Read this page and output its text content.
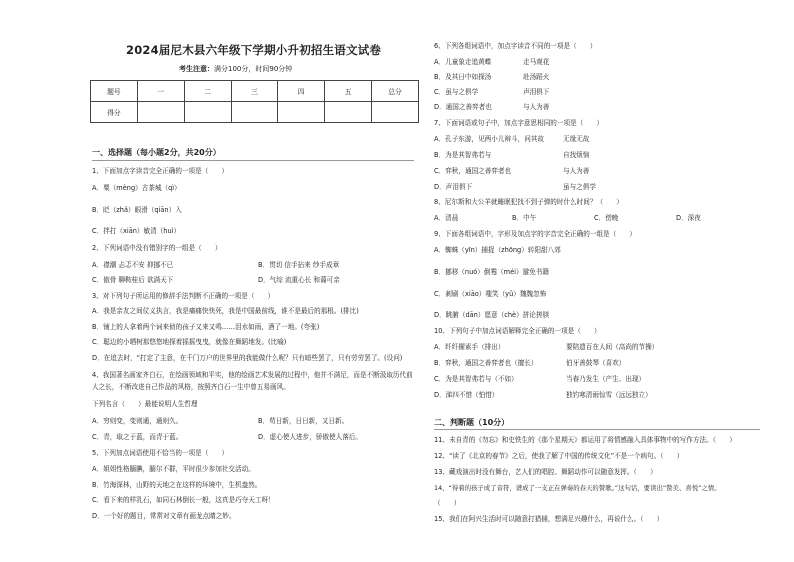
2024届尼木县六年级下学期小升初招生语文试卷
考生注意：满分100分，时间90分钟
题号	一	二	三	四	五	总分
得分						
一、选择题（每小题2分，共20分）
1、下面加点字读音完全正确的一项是（　　）
A．粟（mèng）古茶城（qì）
B．眨（zhǎ）眼滑（qiān）入
C．拌打（xiān）敏清（huì）
2、下列词语中没有错别字的一组是（　　）
A．襟潮 忐忑不安 抑挪不已	B．贯切 信手拈来 纱手成章
C．傲骨 聊鞍桂后 欲满天下	D．气综 流重心长 和蔼可亲
3、对下列句子所运用的修辞手法判断不正确的一项是（　　）
A．我是亲友之间仗义执言，我是痛痛快快死，我是中国最前线，谁不是最后的那根。(排比)
B．铺上的人拿着两个词来侦的孩子又来又鸣……泪水如雨，酒了一地。(夸张)
C．聪边的小晒树那悠悠地探着摇摇曳曳，就像在舞蹈地发。(比喻)
D．在追去时，“打定了主意，在千门万户的世界里的我能做什么呢？只有暗些罢了，只有劳劳罢了。(设问)
4、我国著名画家齐白石，在绘画领域和平实，他的绘画艺术发展的过程中，他并不满足，而是不断汲取历代前人之长，不断改进自己作品的风格，按照齐白石一生中曾五易画风。
下列名言（　　）最能说明人生哲理
A．穷则变，变则通，通则久。	B．苟日新，日日新，又日新。
C．青，取之于蓝，而青于蓝。	D．虚心使人进步，骄傲使人落后。
5、下列加点词语使用不恰当的一项是（　　）
A．姐姐性格腼腆，腼尔不群，平时很少参加社交活动。
B．竹海深林，山野的天地之在这样的环境中，生机盎然。
C．看下来的样乳石，如同石林倒长一般，这真是巧夺天工呀！
D．一个好的题目，常常对文章有画龙点睛之妙。
6、下列各组词语中，加点字读音不同的一项是（　　）
A．儿童象走追黄蝶	走马观花
B．及其日中如探汤	赴汤蹈火
C．虽与之俱学	声泪俱下
D．通国之善弈者也	与人为善
7、下面词语或句子中，加点字意思相同的一项是（　　）
A．孔子东游，见两小儿辩斗，问其故	无缘无故
B．为是其智弗若与	自找烦恼
C．弈秋，通国之善弈者也	与人为善
D．声泪俱下	虽与之俱学
8、尼尔斯和大公羊就睡眠犯找不到子弹的时什么时间？（　　）
A．清晨	B．中午	C．傍晚	D．深夜
9、下面各组词语中，字形及加点字的字音完全正确的一组是（　　）
A．蜘蛛（yīn）捕捉（zhōng）转阳甜八郊
B．挪移（nuó）倒霉（méi）避免书籍
C．刺刷（xiāo）嗤笑（yǔ）魏魏忽怖
D．眺腑（dān）愿意（chè）拼论搓牍
10、下列句子中加点词语解释完全正确的一项是（　　）
A．纤纤擢素手（排出）	要陪遗百在人间（高尚的节操）
B．弈秋，通国之善弈者也（擅长）	伯牙善鼓琴（喜欢）
C．为是其智弗若与（不如）	当春乃发生（产生、出现）
D．涕四不惜（怕惜）	独钓寒清雨惊雪（远远独立）
二、判断题（10分）
11、未自青的《勿忘》和史铁生的《那个星期天》都运用了将情感融入具体事物中的写作方法。（　　）
12、“读了《北京的春节》之后，使我了解了中国的传统文化”不是一个病句。（　　）
13、藏戏演出时没有舞台，艺人们的唱腔、舞蹈动作可以随意发挥。（　　）
14、“得着的孩子成了音符，谱成了一支正在弹奏的春天的赞歌。”这句话，要读出“赞美、喜悦”之情。
（　　）
15、我们在阿兴生活时可以随意打猎捕，想满足兴趣什么，再说什么。（　　）
